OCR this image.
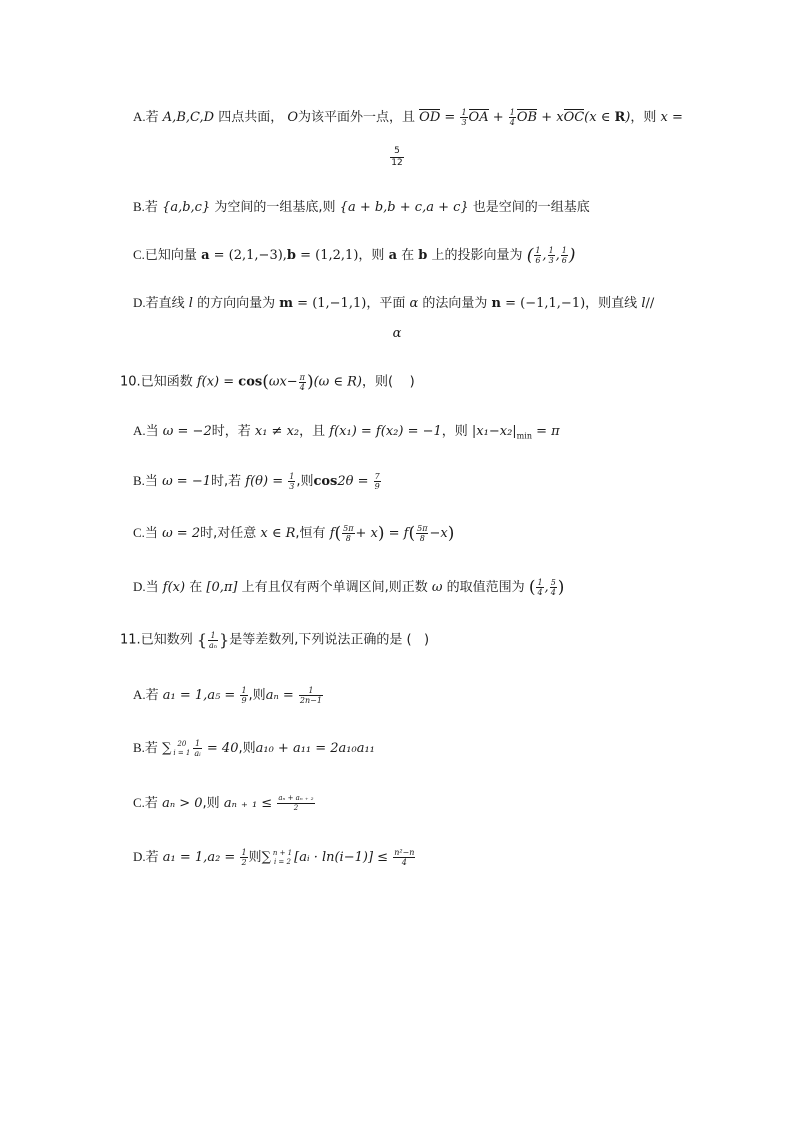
A.若 A,B,C,D 四点共面， O为该平面外一点，且 OD = $\frac{1}{3}$ OA + $\frac{1}{4}$ OB + xOC(x ∈ R)，则 x =
$\frac{5}{12}$
B.若 {a,b,c} 为空间的一组基底,则 {a + b,b + c,a + c} 也是空间的一组基底
C.已知向量 a = (2,1,−3),b = (1,2,1)，则 a 在 b 上的投影向量为 ( $\frac{1}{6}$ , $\frac{1}{3}$ , $\frac{1}{6}$ )
D.若直线 l 的方向向量为 m = (1,−1,1)，平面 α 的法向量为 n = (−1,1,−1)，则直线 l//
α
10.已知函数 $f(x) = \cos(\omega x- \frac{\pi}{4} )(\omega$ ∈ R)，则( )
A.当 ω = −2时，若 x₁ ≠ x₂，且 f(x₁) = f(x₂) = −1，则 $|x_1-x_2|_{min} = \pi$
B.当 ω = −1时,若 $f(\theta) = \frac{1}{3}$ ,则$\cos 2\theta = \frac{7}{9}$
C.当 ω = 2时,对任意 x ∈ R,恒有 $f( \frac{5\pi}{8} + x) = f( \frac{5\pi}{8} -x)$
D.当 f(x) 在 [0,π] 上有且仅有两个单调区间,则正数 ω 的取值范围为 ( $\frac{1}{4}$ , $\frac{5}{4}$ )
11.已知数列 { $\frac{1}{\text{aₙ}}$ }是等差数列,下列说法正确的是 ( )
A.若 $a_1 = 1,a_5 = \frac{1}{9}$ ,则$a_n = \frac{1}{2n-1}$
B.若 ∑ 20
$i = 1 \frac{1}{\text{aᵢ}} = 40$,则a₁₀ + a₁₁ = 2a₁₀a₁₁
C.若 aₙ > 0,则 aₙ ₊ $_1 \le \frac{\text{aₙ + aₙ ₊ ₂}}{2}$
D.若 $a_1 = 1,a_2 = \frac{1}{2}$ 则∑ n + 1
i = 2 [aᵢ · $\ln(i-1)] \le \frac{\text{n²−n}}{4}$
